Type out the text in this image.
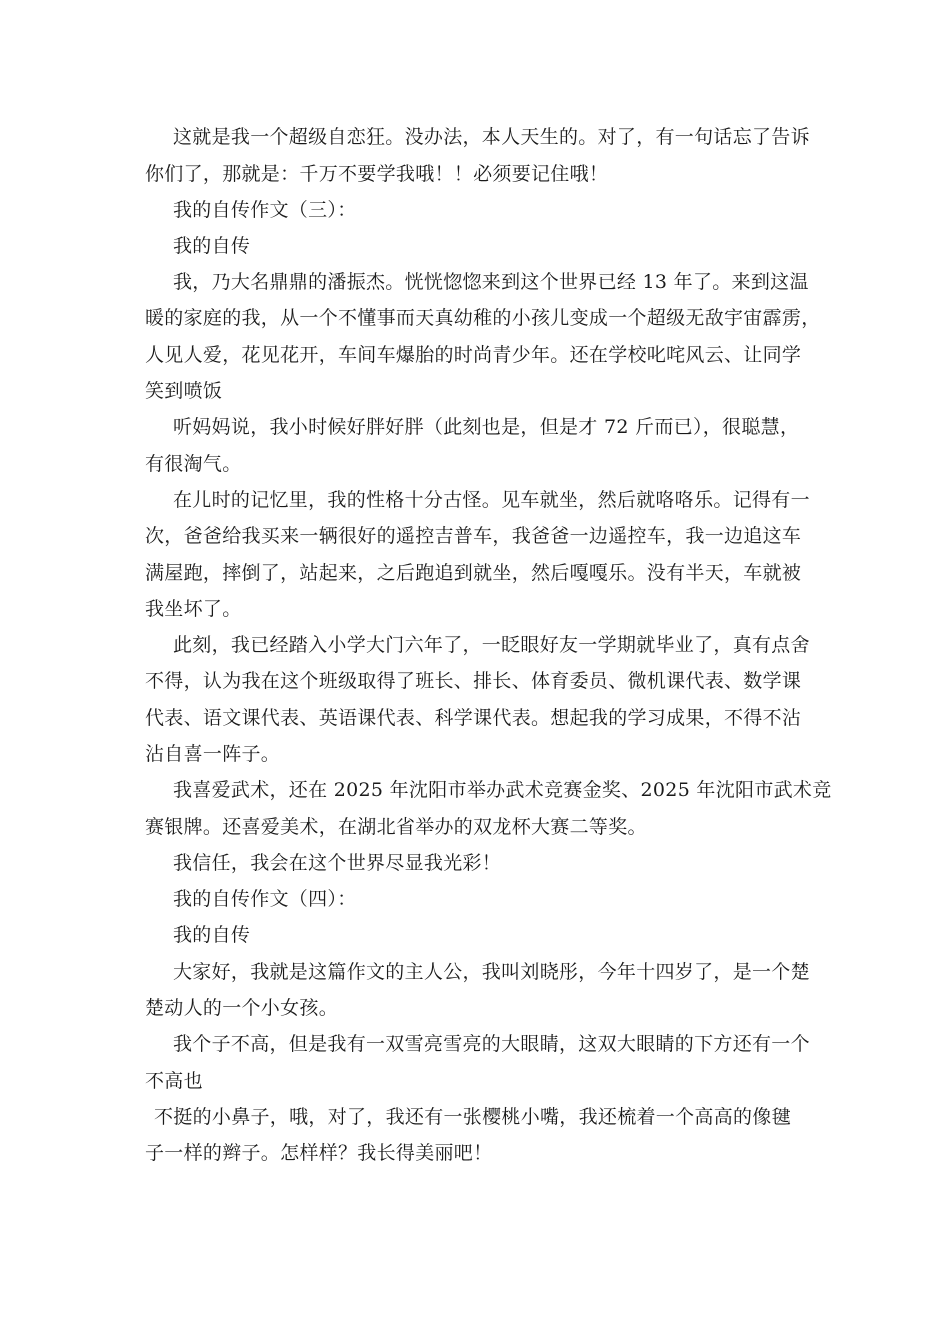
这就是我一个超级自恋狂。没办法，本人天生的。对了，有一句话忘了告诉
你们了，那就是：千万不要学我哦！！必须要记住哦！
我的自传作文（三）：
我的自传
我，乃大名鼎鼎的潘振杰。恍恍惚惚来到这个世界已经 13 年了。来到这温
暖的家庭的我，从一个不懂事而天真幼稚的小孩儿变成一个超级无敌宇宙霹雳，
人见人爱，花见花开，车间车爆胎的时尚青少年。还在学校叱咤风云、让同学
笑到喷饭
听妈妈说，我小时候好胖好胖（此刻也是，但是才 72 斤而已），很聪慧，
有很淘气。
在儿时的记忆里，我的性格十分古怪。见车就坐，然后就咯咯乐。记得有一
次，爸爸给我买来一辆很好的遥控吉普车，我爸爸一边遥控车，我一边追这车
满屋跑，摔倒了，站起来，之后跑追到就坐，然后嘎嘎乐。没有半天，车就被
我坐坏了。
此刻，我已经踏入小学大门六年了，一眨眼好友一学期就毕业了，真有点舍
不得，认为我在这个班级取得了班长、排长、体育委员、微机课代表、数学课
代表、语文课代表、英语课代表、科学课代表。想起我的学习成果，不得不沾
沾自喜一阵子。
我喜爱武术，还在 2025 年沈阳市举办武术竞赛金奖、2025 年沈阳市武术竞
赛银牌。还喜爱美术，在湖北省举办的双龙杯大赛二等奖。
我信任，我会在这个世界尽显我光彩！
我的自传作文（四）：
我的自传
大家好，我就是这篇作文的主人公，我叫刘晓彤，今年十四岁了，是一个楚
楚动人的一个小女孩。
我个子不高，但是我有一双雪亮雪亮的大眼睛，这双大眼睛的下方还有一个
不高也
不挺的小鼻子，哦，对了，我还有一张樱桃小嘴，我还梳着一个高高的像毽
子一样的辫子。怎样样？我长得美丽吧！
